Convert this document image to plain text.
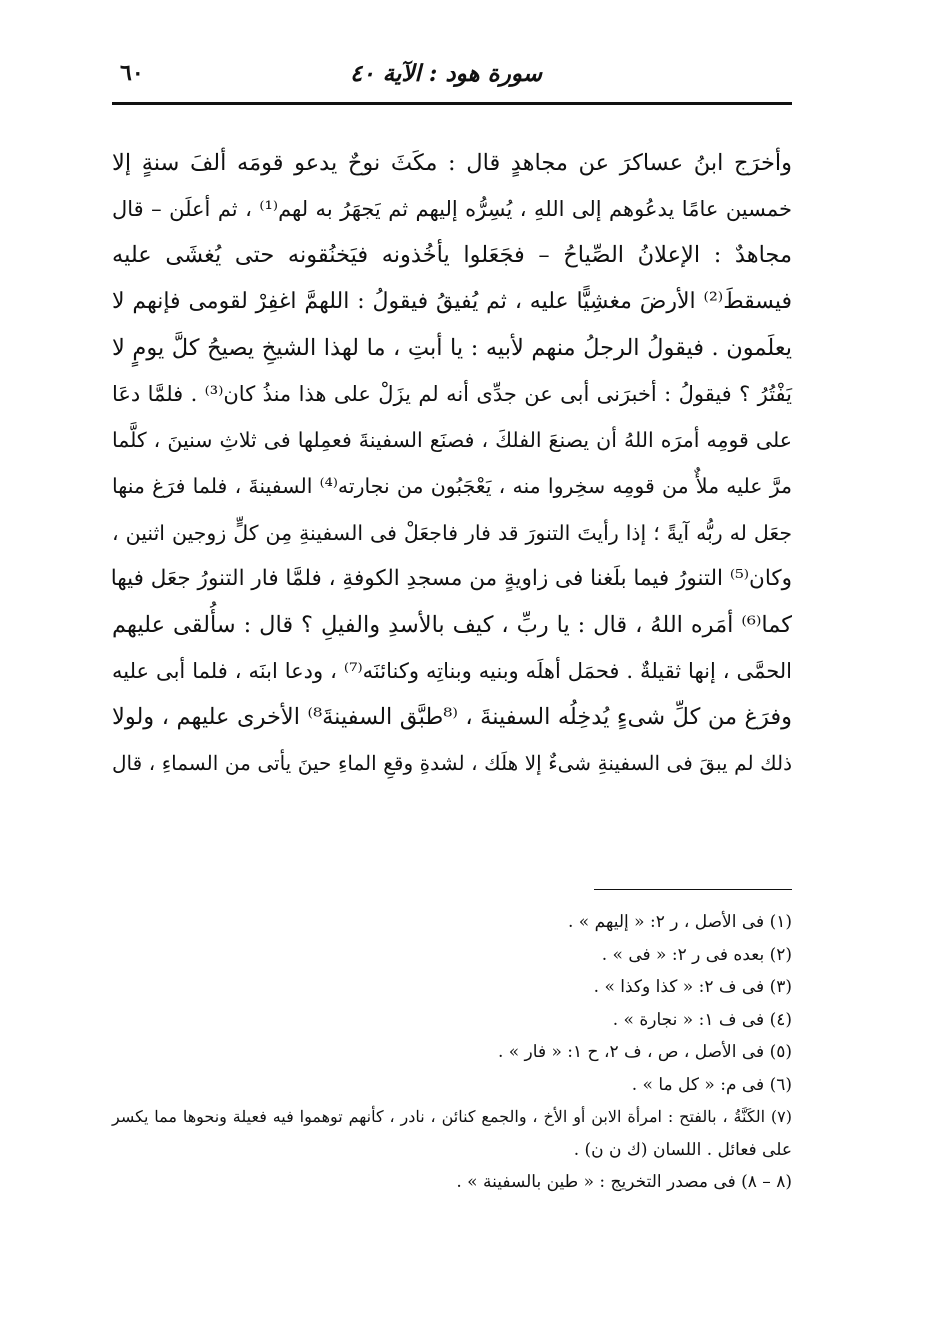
سورة هود : الآية ٤٠
٦٠
وأخرَج ابنُ عساكرَ عن مجاهدٍ قال : مكَثَ نوحٌ يدعو قومَه ألفَ سنةٍ إلا
خمسين عامًا يدعُوهم إلى اللهِ ، يُسِرُّه إليهم ثم يَجهَرُ به لهم⁽¹⁾ ، ثم أعلَن – قال
مجاهدٌ : الإعلانُ الصِّياحُ – فجَعَلوا يأخُذونه فيَخنُقونه حتى يُغشَى عليه
فيسقطَ⁽²⁾ الأرضَ مغشِيًّا عليه ، ثم يُفيقُ فيقولُ : اللهمَّ اغفِرْ لقومى فإنهم لا
يعلَمون . فيقولُ الرجلُ منهم لأبيه : يا أبتِ ، ما لهذا الشيخِ يصيحُ كلَّ يومٍ لا
يَفْتُرُ ؟ فيقولُ : أخبرَنى أبى عن جدِّى أنه لم يزَلْ على هذا منذُ كان⁽³⁾ . فلمَّا دعَا
على قومِه أمرَه اللهُ أن يصنعَ الفلكَ ، فصنَع السفينةَ فعمِلها فى ثلاثِ سنينَ ، كلَّما
مرَّ عليه ملأٌ من قومِه سخِروا منه ، يَعْجَبُون من نجارته⁽⁴⁾ السفينةَ ، فلما فرَغ منها
جعَل له ربُّه آيةً ؛ إذا رأيتَ التنورَ قد فار فاجعَلْ فى السفينةِ مِن كلٍّ زوجين اثنين ،
وكان⁽⁵⁾ التنورُ فيما بلَغنا فى زاويةٍ من مسجدِ الكوفةِ ، فلمَّا فار التنورُ جعَل فيها
كما⁽⁶⁾ أمَره اللهُ ، قال : يا ربِّ ، كيف بالأسدِ والفيلِ ؟ قال : سأُلقى عليهم
الحمَّى ، إنها ثقيلةٌ . فحمَل أهلَه وبنيه وبناتِه وكنائنَه⁽⁷⁾ ، ودعا ابنَه ، فلما أبى عليه
وفرَغ من كلِّ شىءٍ يُدخِلُه السفينةَ ، ⁽⁸طبَّق السفينةَ⁸⁾ الأخرى عليهم ، ولولا
ذلك لم يبقَ فى السفينةِ شىءٌ إلا هلَك ، لشدةِ وقعِ الماءِ حينَ يأتى من السماءِ ، قال
(١) فى الأصل ، ر ٢: « إليهم » .
(٢) بعده فى ر ٢: « فى » .
(٣) فى ف ٢: « كذا وكذا » .
(٤) فى ف ١: « نجارة » .
(٥) فى الأصل ، ص ، ف ٢، ح ١: « فار » .
(٦) فى م: « كل ما » .
(٧) الكَنَّةُ ، بالفتح : امرأة الابن أو الأخ ، والجمع كنائن ، نادر ، كأنهم توهموا فيه فعيلة ونحوها مما يكسر
على فعائل . اللسان (ك ن ن) .
(٨ – ٨) فى مصدر التخريج : « طين بالسفينة » .
